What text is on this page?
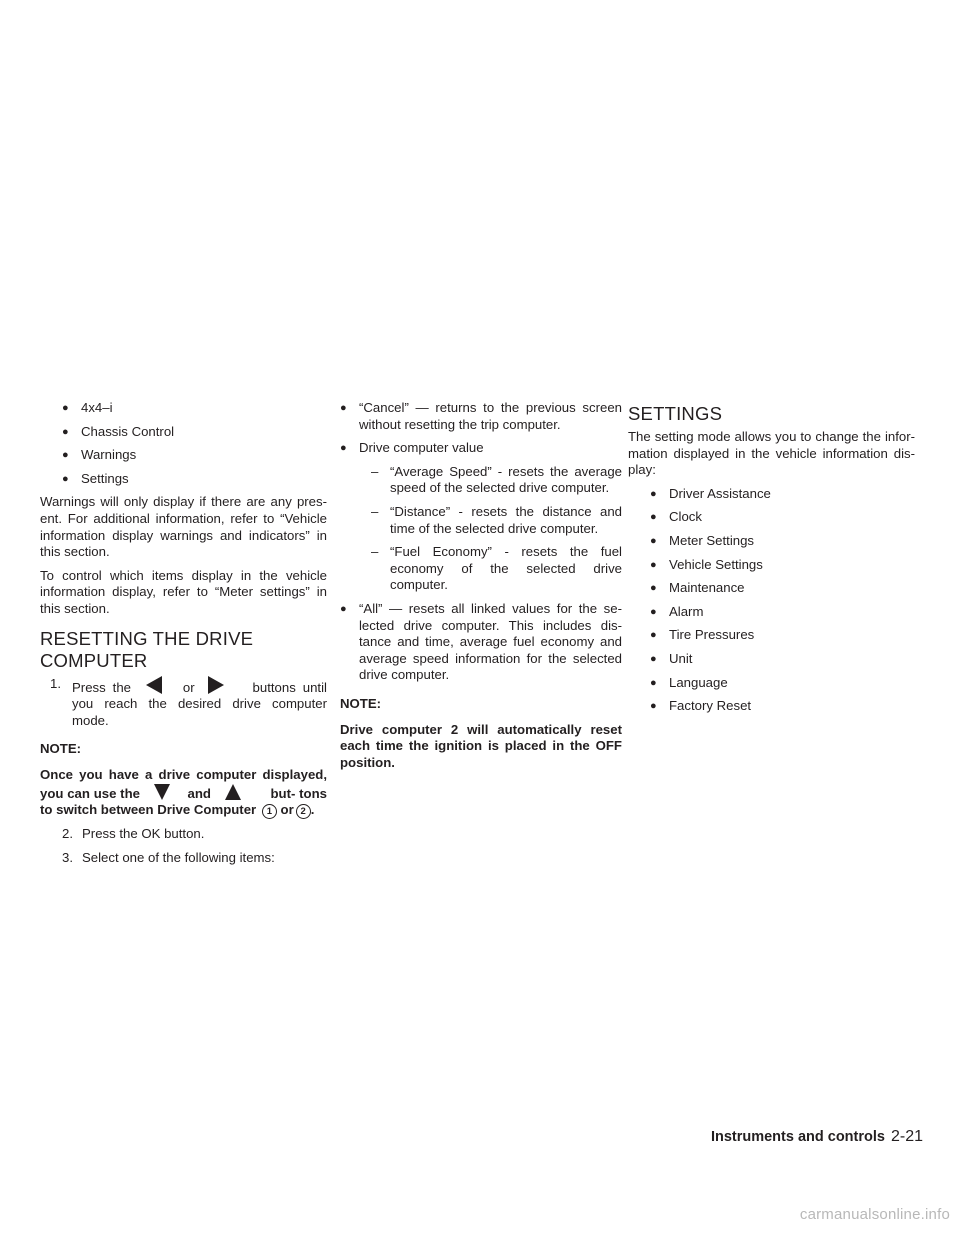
● 4x4–i
● Chassis Control
● Warnings
● Settings

Warnings will only display if there are any pres- ent. For additional information, refer to “Vehicle information display warnings and indicators” in this section.

To control which items display in the vehicle information display, refer to “Meter settings” in this section.

RESETTING THE DRIVE COMPUTER
1. Press the	or	buttons until you reach the desired drive computer mode.
NOTE:
Once you have a drive computer displayed, you can use the	and	but- tons to switch between Drive Computer 1 or 2 .
2. Press the OK button.
3. Select one of the following items:
● “Cancel” — returns to the previous screen without resetting the trip computer.
● Drive computer value
– “Average Speed” - resets the average speed of the selected drive computer.
– “Distance” - resets the distance and time of the selected drive computer.
– “Fuel Economy” - resets the fuel economy of the selected drive computer.
● “All” — resets all linked values for the se- lected drive computer. This includes dis- tance and time, average fuel economy and average speed information for the selected drive computer.
NOTE:
Drive computer 2 will automatically reset each time the ignition is placed in the OFF position.
SETTINGS

The setting mode allows you to change the infor- mation displayed in the vehicle information dis- play:

● Driver Assistance
● Clock
● Meter Settings
● Vehicle Settings
● Maintenance
● Alarm
● Tire Pressures
● Unit
● Language
● Factory Reset
Instruments and controls 2-21
carmanualsonline.info
